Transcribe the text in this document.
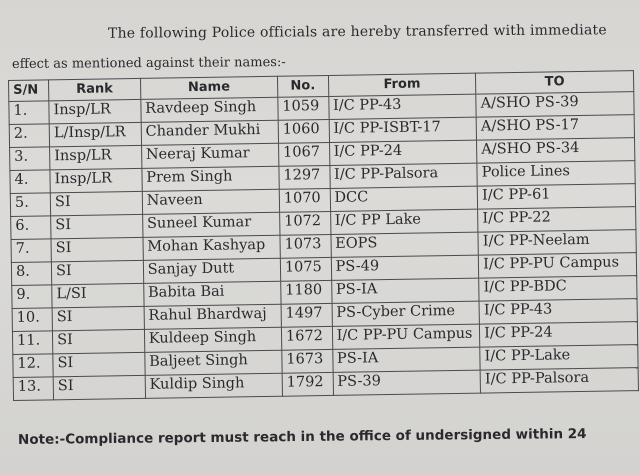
The following Police officials are hereby transferred with immediate
effect as mentioned against their names:-
S/N	Rank	Name	No.	From	TO
1.	Insp/LR	Ravdeep Singh	1059	I/C PP-43	A/SHO PS-39
2.	L/Insp/LR	Chander Mukhi	1060	I/C PP-ISBT-17	A/SHO PS-17
3.	Insp/LR	Neeraj Kumar	1067	I/C PP-24	A/SHO PS-34
4.	Insp/LR	Prem Singh	1297	I/C PP-Palsora	Police Lines
5.	SI	Naveen	1070	DCC	I/C PP-61
6.	SI	Suneel Kumar	1072	I/C PP Lake	I/C PP-22
7.	SI	Mohan Kashyap	1073	EOPS	I/C PP-Neelam
8.	SI	Sanjay Dutt	1075	PS-49	I/C PP-PU Campus
9.	L/SI	Babita Bai	1180	PS-IA	I/C PP-BDC
10.	SI	Rahul Bhardwaj	1497	PS-Cyber Crime	I/C PP-43
11.	SI	Kuldeep Singh	1672	I/C PP-PU Campus	I/C PP-24
12.	SI	Baljeet Singh	1673	PS-IA	I/C PP-Lake
13.	SI	Kuldip Singh	1792	PS-39	I/C PP-Palsora
Note:-Compliance report must reach in the office of undersigned within 24
